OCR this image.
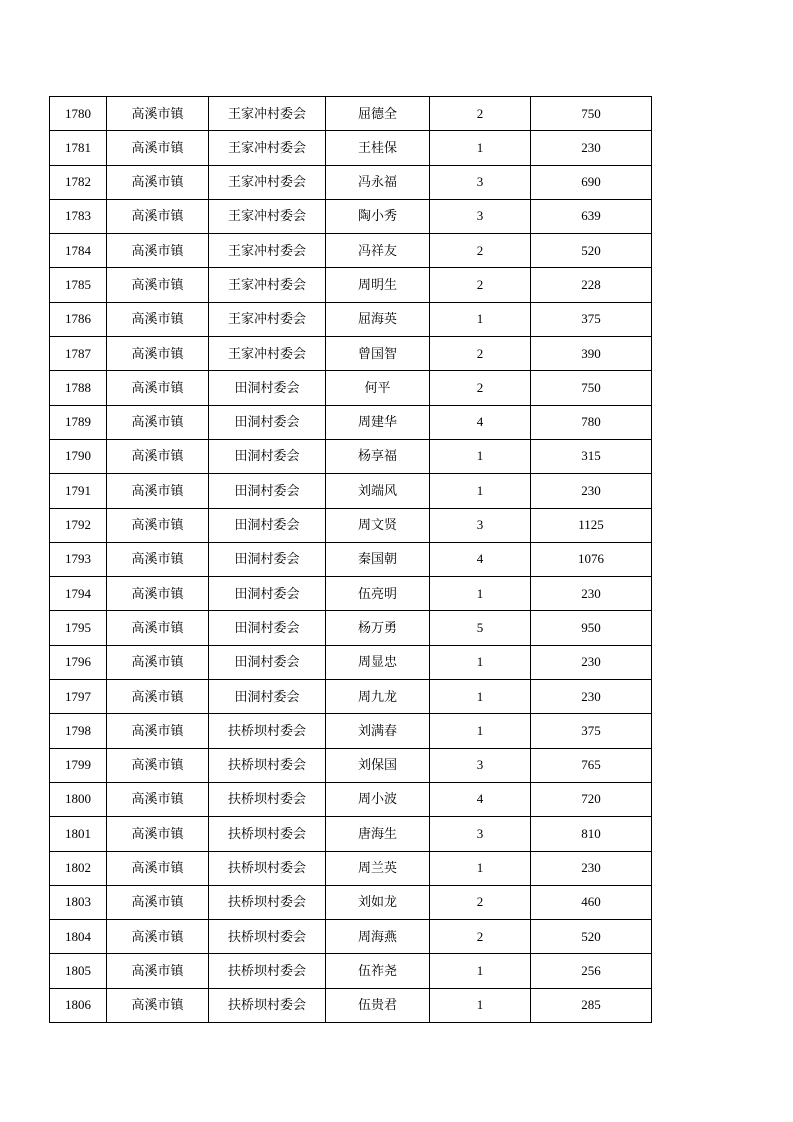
1780	高溪市镇	王家冲村委会	屈德全	2	750
1781	高溪市镇	王家冲村委会	王桂保	1	230
1782	高溪市镇	王家冲村委会	冯永福	3	690
1783	高溪市镇	王家冲村委会	陶小秀	3	639
1784	高溪市镇	王家冲村委会	冯祥友	2	520
1785	高溪市镇	王家冲村委会	周明生	2	228
1786	高溪市镇	王家冲村委会	屈海英	1	375
1787	高溪市镇	王家冲村委会	曾国智	2	390
1788	高溪市镇	田洞村委会	何平	2	750
1789	高溪市镇	田洞村委会	周建华	4	780
1790	高溪市镇	田洞村委会	杨享福	1	315
1791	高溪市镇	田洞村委会	刘端风	1	230
1792	高溪市镇	田洞村委会	周文贤	3	1125
1793	高溪市镇	田洞村委会	秦国朝	4	1076
1794	高溪市镇	田洞村委会	伍亮明	1	230
1795	高溪市镇	田洞村委会	杨万勇	5	950
1796	高溪市镇	田洞村委会	周显忠	1	230
1797	高溪市镇	田洞村委会	周九龙	1	230
1798	高溪市镇	扶桥坝村委会	刘满春	1	375
1799	高溪市镇	扶桥坝村委会	刘保国	3	765
1800	高溪市镇	扶桥坝村委会	周小波	4	720
1801	高溪市镇	扶桥坝村委会	唐海生	3	810
1802	高溪市镇	扶桥坝村委会	周兰英	1	230
1803	高溪市镇	扶桥坝村委会	刘如龙	2	460
1804	高溪市镇	扶桥坝村委会	周海燕	2	520
1805	高溪市镇	扶桥坝村委会	伍祚尧	1	256
1806	高溪市镇	扶桥坝村委会	伍贵君	1	285
